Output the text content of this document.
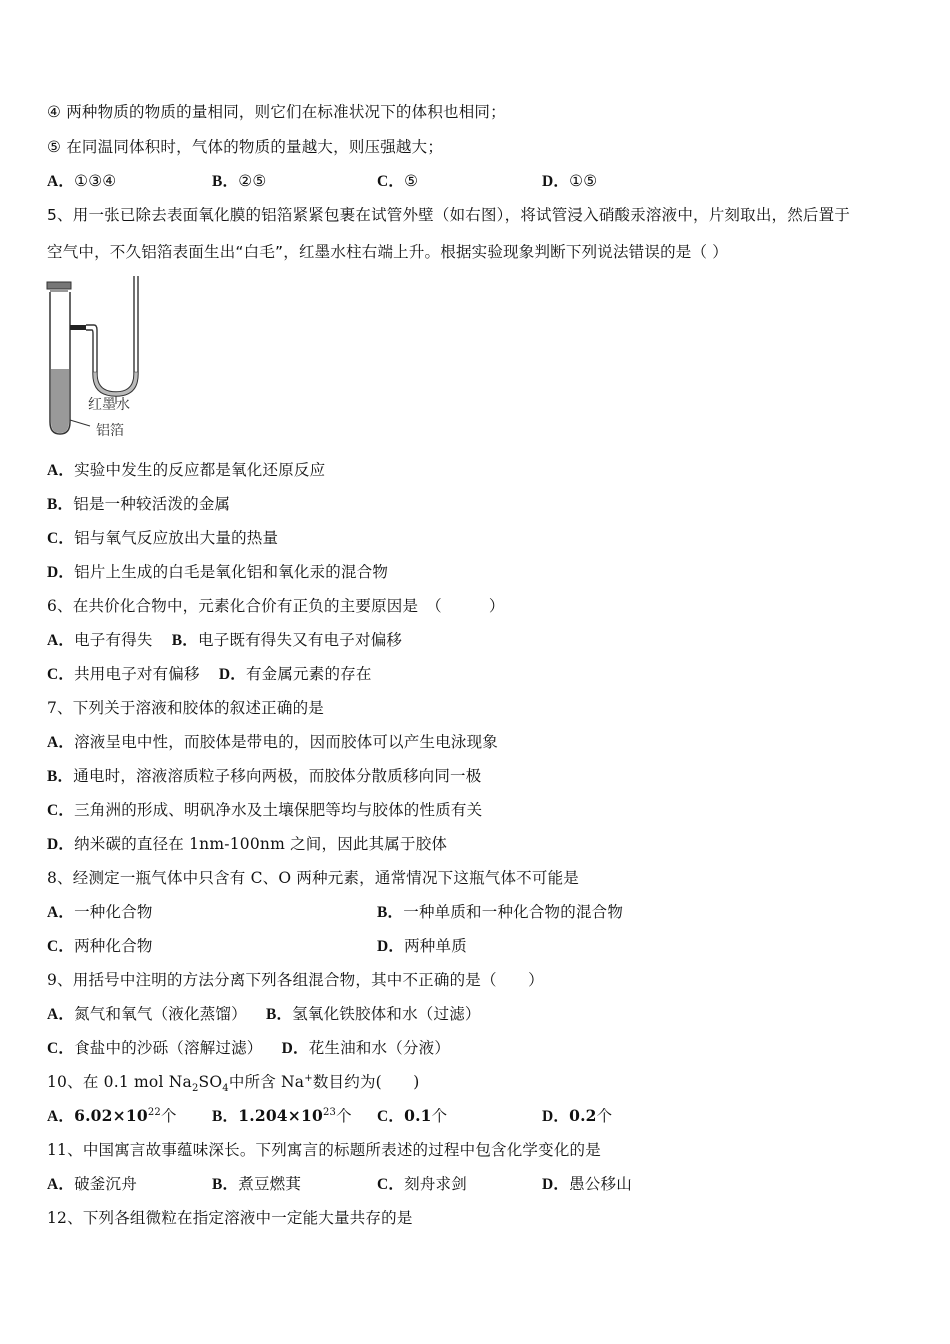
④ 两种物质的物质的量相同，则它们在标准状况下的体积也相同；
⑤ 在同温同体积时，气体的物质的量越大，则压强越大；
A．①③④	B．②⑤	C．⑤	D．①⑤
5、用一张已除去表面氧化膜的铝箔紧紧包裹在试管外壁（如右图），将试管浸入硝酸汞溶液中，片刻取出，然后置于
空气中，不久铝箔表面生出“白毛”，红墨水柱右端上升。根据实验现象判断下列说法错误的是（ ）
红墨水
铝箔
A．实验中发生的反应都是氧化还原反应
B．铝是一种较活泼的金属
C．铝与氧气反应放出大量的热量
D．铝片上生成的白毛是氧化铝和氧化汞的混合物
6、在共价化合物中，元素化合价有正负的主要原因是　（　　　）
A．电子有得失 B．电子既有得失又有电子对偏移
C．共用电子对有偏移 D．有金属元素的存在
7、下列关于溶液和胶体的叙述正确的是
A．溶液呈电中性，而胶体是带电的，因而胶体可以产生电泳现象
B．通电时，溶液溶质粒子移向两极，而胶体分散质移向同一极
C．三角洲的形成、明矾净水及土壤保肥等均与胶体的性质有关
D．纳米碳的直径在 1nm-100nm 之间，因此其属于胶体
8、经测定一瓶气体中只含有 C、O 两种元素，通常情况下这瓶气体不可能是
A．一种化合物	B．一种单质和一种化合物的混合物
C．两种化合物	D．两种单质
9、用括号中注明的方法分离下列各组混合物，其中不正确的是（　　）
A．氮气和氧气（液化蒸馏） B．氢氧化铁胶体和水（过滤）
C．食盐中的沙砾（溶解过滤） D．花生油和水（分液）
10、在 0.1 mol $Na_2SO_4$中所含 Na+数目约为(　　)
A．$6.02\times 10^{22}$个 B．$1.204\times 10^{23}$个 C．0.1个	D．0.2个
11、中国寓言故事蕴味深长。下列寓言的标题所表述的过程中包含化学变化的是
A．破釜沉舟	B．煮豆燃萁	C．刻舟求剑	D．愚公移山
12、下列各组微粒在指定溶液中一定能大量共存的是
